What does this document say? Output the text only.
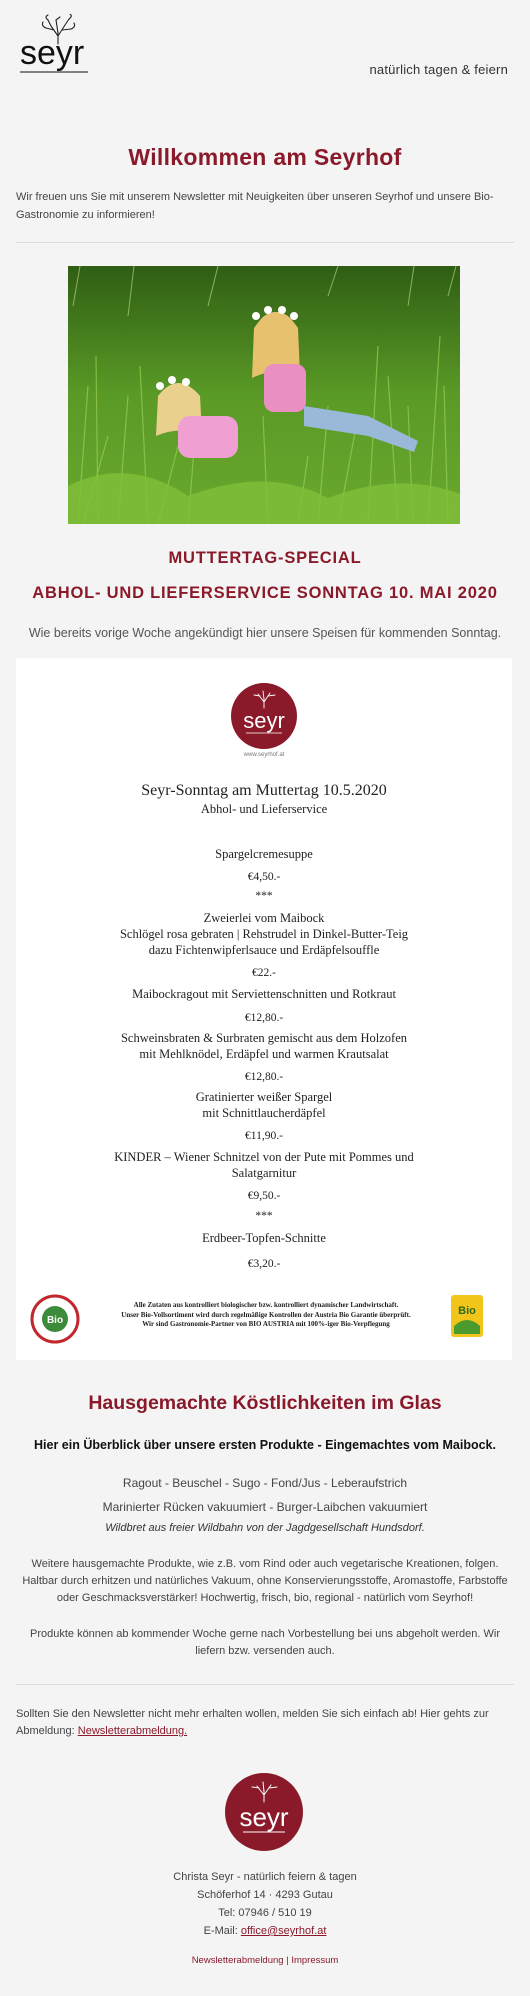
seyr	natürlich tagen & feiern
Willkommen am Seyrhof
Wir freuen uns Sie mit unserem Newsletter mit Neuigkeiten über unseren Seyrhof und unsere Bio-Gastronomie zu informieren!
MUTTERTAG-SPECIAL
ABHOL- UND LIEFERSERVICE SONNTAG 10. MAI 2020
Wie bereits vorige Woche angekündigt hier unsere Speisen für kommenden Sonntag.
seyr
www.seyrhof.at
Seyr-Sonntag am Muttertag 10.5.2020
Abhol- und Lieferservice
Spargelcremesuppe
€4,50.-
***
Zweierlei vom Maibock
Schlögel rosa gebraten | Rehstrudel in Dinkel-Butter-Teig
dazu Fichtenwipferlsauce und Erdäpfelsouffle
€22.-
Maibockragout mit Serviettenschnitten und Rotkraut
€12,80.-
Schweinsbraten & Surbraten gemischt aus dem Holzofen
mit Mehlknödel, Erdäpfel und warmen Krautsalat
€12,80.-
Gratinierter weißer Spargel
mit Schnittlaucherdäpfel
€11,90.-
KINDER – Wiener Schnitzel von der Pute mit Pommes und
Salatgarnitur
€9,50.-
***
Erdbeer-Topfen-Schnitte
€3,20.-
Bio
Alle Zutaten aus kontrolliert biologischer bzw. kontrolliert dynamischer Landwirtschaft.
Unser Bio-Vollsortiment wird durch regelmäßige Kontrollen der Austria Bio Garantie überprüft.
Wir sind Gastronomie-Partner von BIO AUSTRIA mit 100%-iger Bio-Verpflegung
Bio
Hausgemachte Köstlichkeiten im Glas
Hier ein Überblick über unsere ersten Produkte - Eingemachtes vom Maibock.
Ragout - Beuschel - Sugo - Fond/Jus - Leberaufstrich
Marinierter Rücken vakuumiert - Burger-Laibchen vakuumiert
Wildbret aus freier Wildbahn von der Jagdgesellschaft Hundsdorf.
Weitere hausgemachte Produkte, wie z.B. vom Rind oder auch vegetarische Kreationen, folgen.
Haltbar durch erhitzen und natürliches Vakuum, ohne Konservierungsstoffe, Aromastoffe, Farbstoffe
oder Geschmacksverstärker! Hochwertig, frisch, bio, regional - natürlich vom Seyrhof!
Produkte können ab kommender Woche gerne nach Vorbestellung bei uns abgeholt werden. Wir
liefern bzw. versenden auch.
Sollten Sie den Newsletter nicht mehr erhalten wollen, melden Sie sich einfach ab! Hier gehts zur Abmeldung: Newsletterabmeldung.
seyr
Christa Seyr - natürlich feiern & tagen
Schöferhof 14 · 4293 Gutau
Tel: 07946 / 510 19
E-Mail: office@seyrhof.at
Newsletterabmeldung | Impressum
